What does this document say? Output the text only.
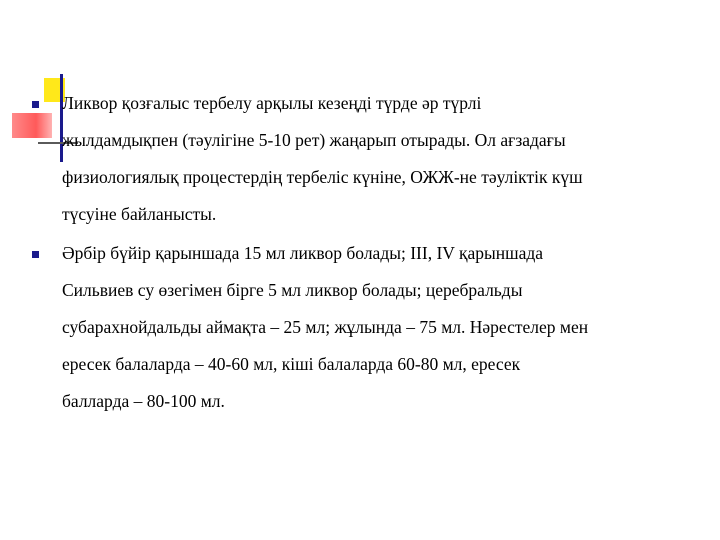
Ликвор қозғалыс тербелу арқылы кезеңді түрде әр түрлі
жылдамдықпен (тәулігіне 5-10 рет) жаңарып отырады. Ол ағзадағы
физиологиялық процестердің тербеліс күніне, ОЖЖ-не тәуліктік күш
түсуіне байланысты.
Әрбір бүйір қарыншада 15 мл ликвор болады; III, IV қарыншада
Сильвиев су өзегімен бірге 5 мл ликвор болады; церебральды
субарахнойдальды аймақта – 25 мл; жұлында – 75 мл. Нәрестелер мен
ересек балаларда – 40-60 мл, кіші балаларда 60-80 мл, ересек
балларда – 80-100 мл.
